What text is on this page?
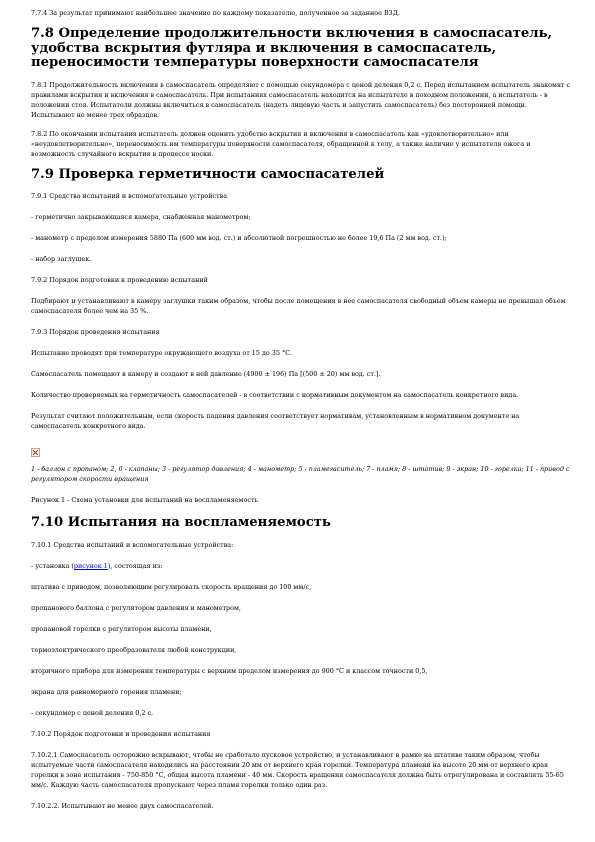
7.7.4 За результат принимают наибольшее значение по каждому показателю, полученное за заданное ВЗД.

7.8 Определение продолжительности включения в самоспасатель, удобства вскрытия футляра и включения в самоспасатель, переносимости температуры поверхности самоспасателя

7.8.1 Продолжительность включения в самоспасатель определяют с помощью секундомера с ценой деления 0,2 с. Перед испытанием испытатель знакомят с правилами вскрытия и включения в самоспасатель. При испытаниях самоспасатель находится на испытателе в походном положении, а испытатель - в положении стоя. Испытатели должны включиться в самоспасатель (надеть лицевую часть и запустить самоспасатель) без посторонней помощи. Испытывают не менее трех образцов.

7.8.2 По окончании испытания испытатель должен оценить удобство вскрытия и включения в самоспасатель как «удовлетворительно» или «неудовлетворительно», переносимость им температуры поверхности самоспасателя, обращенной к телу, а также наличие у испытателя ожога и возможность случайного вскрытия в процессе носки.

7.9 Проверка герметичности самоспасателей

7.9.1 Средства испытаний и вспомогательные устройства

- герметично закрывающаяся камера, снабженная манометром;

- манометр с пределом измерения 5880 Па (600 мм вод. ст.) и абсолютной погрешностью не более 19,6 Па (2 мм вод. ст.);

- набор заглушек.

7.9.2 Порядок подготовки к проведению испытаний

Подбирают и устанавливают в камеру заглушки таким образом, чтобы после помещения в нее самоспасателя свободный объем камеры не превышал объем самоспасателя более чем на 35 %.

7.9.3 Порядок проведения испытания

Испытание проводят при температуре окружающего воздуха от 15 до 35 °С.

Самоспасатель помещают в камеру и создают в ней давление (4900 ± 196) Па [(500 ± 20) мм вод. ст.].

Количество проверяемых на герметичность самоспасателей - в соответствии с нормативным документом на самоспасатель конкретного вида.

Результат считают положительным, если скорость падения давления соответствует нормативам, установленным в нормативном документе на самоспасатель конкретного вида.

1 - баллон с пропаном; 2, 6 - клапаны; 3 - регулятор давления; 4 - манометр; 5 - пламегаситель; 7 - пламя; 8 - штатив; 9 - экран; 10 - горелка; 11 - привод с регулятором скорости вращения

Рисунок 1 - Схема установки для испытаний на воспламеняемость

7.10 Испытания на воспламеняемость

7.10.1 Средства испытаний и вспомогательные устройства:

- установка (рисунок 1), состоящая из:

штатива с приводом, позволяющим регулировать скорость вращения до 100 мм/с,

пропанового баллона с регулятором давления и манометром,

пропановой горелки с регулятором высоты пламени,

термоэлектрического преобразователя любой конструкции,

вторичного прибора для измерения температуры с верхним пределом измерения до 900 °С и классом точности 0,5,

экрана для равномерного горения пламени;

- секундомер с ценой деления 0,2 с.

7.10.2 Порядок подготовки и проведения испытания

7.10.2.1 Самоспасатель осторожно вскрывают, чтобы не сработало пусковое устройство, и устанавливают в рамке на штативе таким образом, чтобы испытуемые части самоспасателя находились на расстоянии 20 мм от верхнего края горелки. Температура пламени на высоте 20 мм от верхнего края горелки в зоне испытания - 750-850 °С, общая высота пламени - 40 мм. Скорость вращения самоспасателя должна быть отрегулирована и составлять 55-65 мм/с. Каждую часть самоспасателя пропускают через пламя горелки только один раз.

7.10.2.2. Испытывают не менее двух самоспасателей.
